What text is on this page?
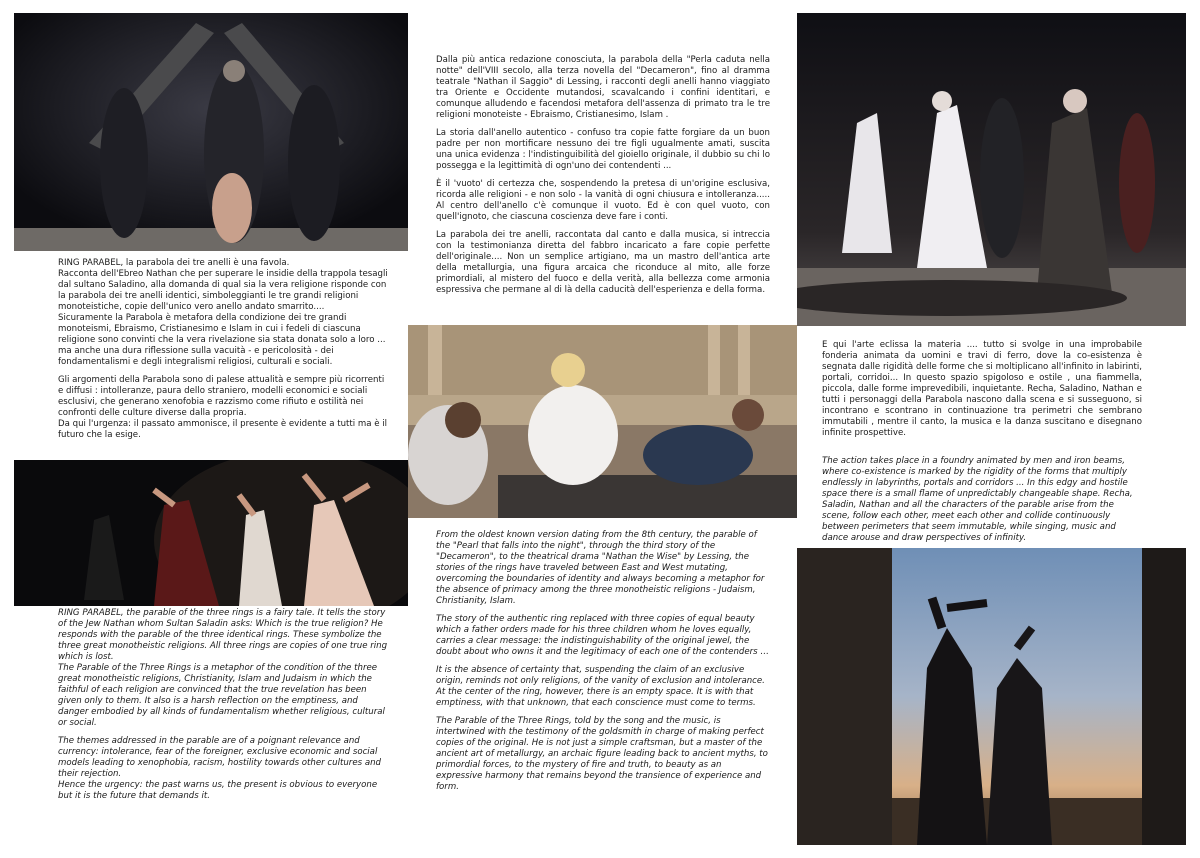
RING PARABEL, la parabola dei tre anelli è una favola.
Racconta dell'Ebreo Nathan che per superare le insidie della trappola tesagli dal sultano Saladino, alla domanda di qual sia la vera religione risponde con la parabola dei tre anelli identici, simboleggianti le tre grandi religioni monoteistiche, copie dell'unico vero anello andato smarrito....
Sicuramente la Parabola è metafora della condizione dei tre grandi monoteismi, Ebraismo, Cristianesimo e Islam in cui i fedeli di ciascuna religione sono convinti che la vera rivelazione sia stata donata solo a loro ... ma anche una dura riflessione sulla vacuità - e pericolosità - dei fondamentalismi e degli integralismi religiosi, culturali e sociali.

Gli argomenti della Parabola sono di palese attualità e sempre più ricorrenti e diffusi : intolleranze, paura dello straniero, modelli economici e sociali esclusivi, che generano xenofobia e razzismo come rifiuto e ostilità nei confronti delle culture diverse dalla propria.
Da qui l'urgenza: il passato ammonisce, il presente è evidente a tutti ma è il futuro che la esige.

RING PARABEL, the parable of the three rings is a fairy tale. It tells the story of the Jew Nathan whom Sultan Saladin asks: Which is the true religion? He responds with the parable of the three identical rings. These symbolize the three great monotheistic religions. All three rings are copies of one true ring which is lost.
The Parable of the Three Rings is a metaphor of the condition of the three great monotheistic religions, Christianity, Islam and Judaism in which the faithful of each religion are convinced that the true revelation has been given only to them. It also is a harsh reflection on the emptiness, and danger embodied by all kinds of fundamentalism whether religious, cultural or social.

The themes addressed in the parable are of a poignant relevance and currency: intolerance, fear of the foreigner, exclusive economic and social models leading to xenophobia, racism, hostility towards other cultures and their rejection.
Hence the urgency: the past warns us, the present is obvious to everyone but it is the future that demands it.

Dalla più antica redazione conosciuta, la parabola della "Perla caduta nella notte" dell'VIII secolo, alla terza novella del "Decameron", fino al dramma teatrale "Nathan il Saggio" di Lessing, i racconti degli anelli hanno viaggiato tra Oriente e Occidente mutandosi, scavalcando i confini identitari, e comunque alludendo e facendosi metafora dell'assenza di primato tra le tre religioni monoteiste - Ebraismo, Cristianesimo, Islam .

La storia dall'anello autentico - confuso tra copie fatte forgiare da un buon padre per non mortificare nessuno dei tre figli ugualmente amati, suscita una unica evidenza : l'indistinguibilità del gioiello originale, il dubbio su chi lo possegga e la legittimità di ogn'uno dei contendenti ...

È il 'vuoto' di certezza che, sospendendo la pretesa di un'origine esclusiva, ricorda alle religioni - e non solo - la vanità di ogni chiusura e intolleranza..... Al centro dell'anello c'è comunque il vuoto. Ed è con quel vuoto, con quell'ignoto, che ciascuna coscienza deve fare i conti.

La parabola dei tre anelli, raccontata dal canto e dalla musica, si intreccia con la testimonianza diretta del fabbro incaricato a fare copie perfette dell'originale.... Non un semplice artigiano, ma un mastro dell'antica arte della metallurgia, una figura arcaica che riconduce al mito, alle forze primordiali, al mistero del fuoco e della verità, alla bellezza come armonia espressiva che permane al di là della caducità dell'esperienza e della forma.

From the oldest known version dating from the 8th century, the parable of the "Pearl that falls into the night", through the third story of the "Decameron", to the theatrical drama "Nathan the Wise" by Lessing, the stories of the rings have traveled between East and West mutating, overcoming the boundaries of identity and always becoming a metaphor for the absence of primacy among the three monotheistic religions - Judaism, Christianity, Islam.

The story of the authentic ring replaced with three copies of equal beauty which a father orders made for his three children whom he loves equally, carries a clear message: the indistinguishability of the original jewel, the doubt about who owns it and the legitimacy of each one of the contenders …

It is the absence of certainty that, suspending the claim of an exclusive origin, reminds not only religions, of the vanity of exclusion and intolerance. At the center of the ring, however, there is an empty space. It is with that emptiness, with that unknown, that each conscience must come to terms.

The Parable of the Three Rings, told by the song and the music, is intertwined with the testimony of the goldsmith in charge of making perfect copies of the original. He is not just a simple craftsman, but a master of the ancient art of metallurgy, an archaic figure leading back to ancient myths, to primordial forces, to the mystery of fire and truth, to beauty as an expressive harmony that remains beyond the transience of experience and form.

E qui l'arte eclissa la materia .... tutto si svolge in una improbabile fonderia animata da uomini e travi di ferro, dove la co-esistenza è segnata dalle rigidità delle forme che si moltiplicano all'infinito in labirinti, portali, corridoi... In questo spazio spigoloso e ostile , una fiammella, piccola, dalle forme imprevedibili, inquietante. Recha, Saladino, Nathan e tutti i personaggi della Parabola nascono dalla scena e si susseguono, si incontrano e scontrano in continuazione tra perimetri che sembrano immutabili , mentre il canto, la musica e la danza suscitano e disegnano infinite prospettive.

The action takes place in a foundry animated by men and iron beams, where co-existence is marked by the rigidity of the forms that multiply endlessly in labyrinths, portals and corridors ... In this edgy and hostile space there is a small flame of unpredictably changeable shape. Recha, Saladin, Nathan and all the characters of the parable arise from the scene, follow each other, meet each other and collide continuously between perimeters that seem immutable, while singing, music and dance arouse and draw perspectives of infinity.
